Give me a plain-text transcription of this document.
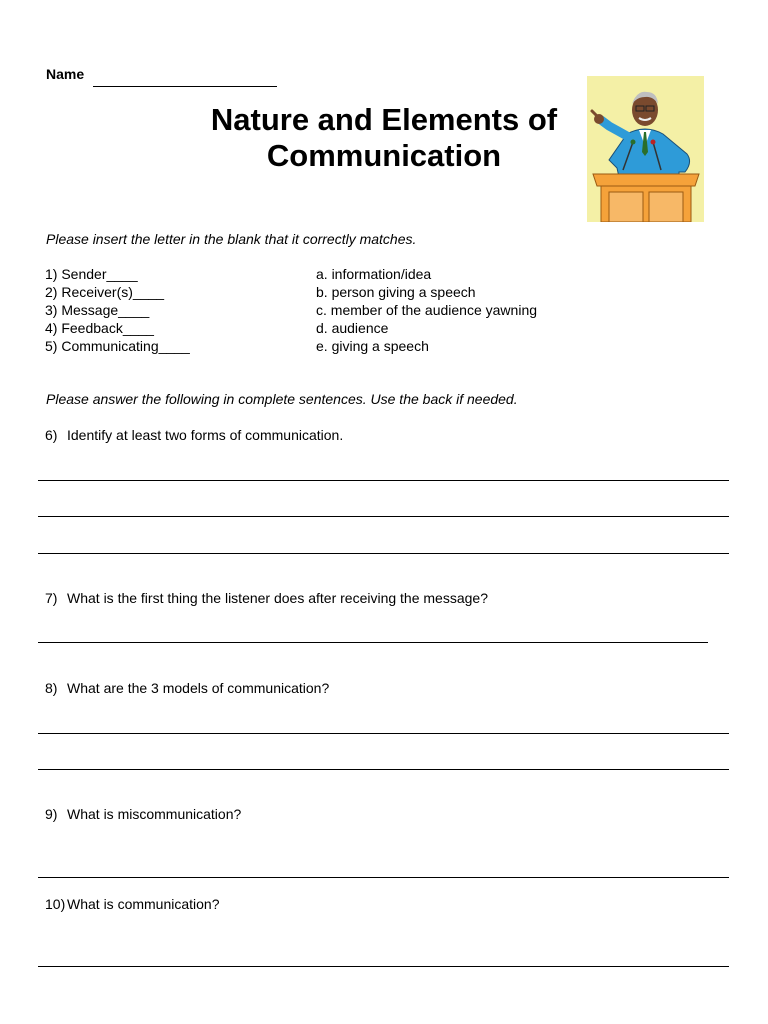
Name
Nature and Elements of
Communication
Please insert the letter in the blank that it correctly matches.
1) Sender____
2) Receiver(s)____
3) Message____
4) Feedback____
5) Communicating____
a. information/idea
b. person giving a speech
c. member of the audience yawning
d. audience
e. giving a speech
Please answer the following in complete sentences. Use the back if needed.
6) Identify at least two forms of communication.
7) What is the first thing the listener does after receiving the message?
8) What are the 3 models of communication?
9) What is miscommunication?
10) What is communication?
